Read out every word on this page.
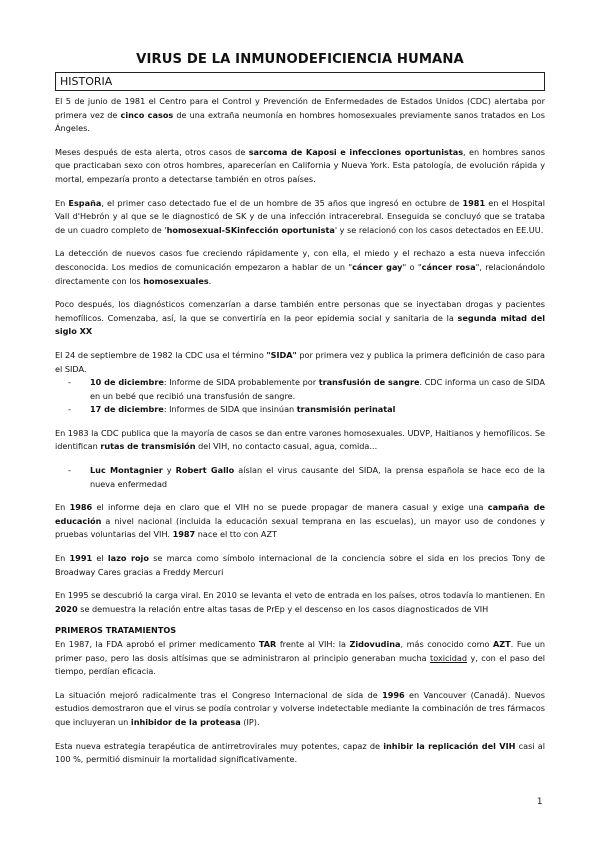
VIRUS DE LA INMUNODEFICIENCIA HUMANA
HISTORIA

El 5 de junio de 1981 el Centro para el Control y Prevención de Enfermedades de Estados Unidos (CDC) alertaba por primera vez de cinco casos de una extraña neumonía en hombres homosexuales previamente sanos tratados en Los Ángeles.

Meses después de esta alerta, otros casos de sarcoma de Kaposi e infecciones oportunistas, en hombres sanos que practicaban sexo con otros hombres, aparecerían en California y Nueva York. Esta patología, de evolución rápida y mortal, empezaría pronto a detectarse también en otros países.

En España, el primer caso detectado fue el de un hombre de 35 años que ingresó en octubre de 1981 en el Hospital Vall d'Hebrón y al que se le diagnosticó de SK y de una infección intracerebral. Enseguida se concluyó que se trataba de un cuadro completo de 'homosexual-SKinfección oportunista' y se relacionó con los casos detectados en EE.UU.

La detección de nuevos casos fue creciendo rápidamente y, con ella, el miedo y el rechazo a esta nueva infección desconocida. Los medios de comunicación empezaron a hablar de un "cáncer gay" o "cáncer rosa", relacionándolo directamente con los homosexuales.

Poco después, los diagnósticos comenzarían a darse también entre personas que se inyectaban drogas y pacientes hemofílicos. Comenzaba, así, la que se convertiría en la peor epidemia social y sanitaria de la segunda mitad del siglo XX

El 24 de septiembre de 1982 la CDC usa el término "SIDA" por primera vez y publica la primera deficinión de caso para el SIDA.

- 10 de diciembre: Informe de SIDA probablemente por transfusión de sangre. CDC informa un caso de SIDA en un bebé que recibió una transfusión de sangre.
- 17 de diciembre: Informes de SIDA que insinúan transmisión perinatal

En 1983 la CDC publica que la mayoría de casos se dan entre varones homosexuales. UDVP, Haitianos y hemofílicos. Se identifican rutas de transmisión del VIH, no contacto casual, agua, comida...

- Luc Montagnier y Robert Gallo aíslan el virus causante del SIDA, la prensa española se hace eco de la nueva enfermedad

En 1986 el informe deja en claro que el VIH no se puede propagar de manera casual y exige una campaña de educación a nivel nacional (incluida la educación sexual temprana en las escuelas), un mayor uso de condones y pruebas voluntarias del VIH. 1987 nace el tto con AZT

En 1991 el lazo rojo se marca como símbolo internacional de la conciencia sobre el sida en los precios Tony de Broadway Cares gracias a Freddy Mercuri

En 1995 se descubrió la carga viral. En 2010 se levanta el veto de entrada en los países, otros todavía lo mantienen. En 2020 se demuestra la relación entre altas tasas de PrEp y el descenso en los casos diagnosticados de VIH

PRIMEROS TRATAMIENTOS

En 1987, la FDA aprobó el primer medicamento TAR frente al VIH: la Zidovudina, más conocido como AZT. Fue un primer paso, pero las dosis altísimas que se administraron al principio generaban mucha toxicidad y, con el paso del tiempo, perdían eficacia.

La situación mejoró radicalmente tras el Congreso Internacional de sida de 1996 en Vancouver (Canadá). Nuevos estudios demostraron que el virus se podía controlar y volverse indetectable mediante la combinación de tres fármacos que incluyeran un inhibidor de la proteasa (IP).

Esta nueva estrategia terapéutica de antirretrovirales muy potentes, capaz de inhibir la replicación del VIH casi al 100 %, permitió disminuir la mortalidad significativamente.

1
